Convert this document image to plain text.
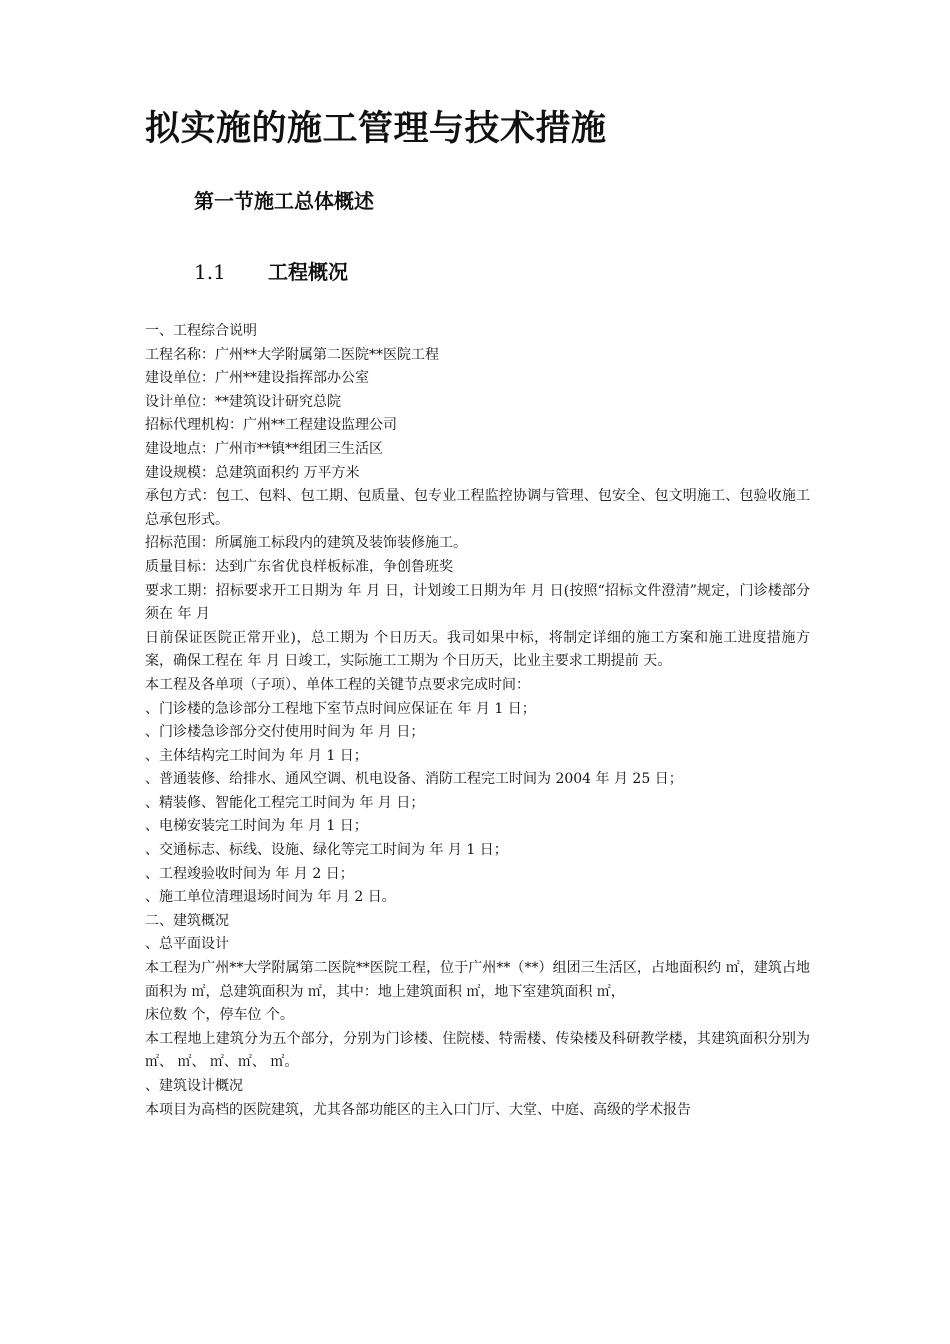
拟实施的施工管理与技术措施
第一节施工总体概述
1.1 工程概况

一、工程综合说明

工程名称：广州**大学附属第二医院**医院工程

建设单位：广州**建设指挥部办公室

设计单位：**建筑设计研究总院

招标代理机构：广州**工程建设监理公司

建设地点：广州市**镇**组团三生活区

建设规模：总建筑面积约 万平方米

承包方式：包工、包料、包工期、包质量、包专业工程监控协调与管理、包安全、包文明施工、包验收施工总承包形式。

招标范围：所属施工标段内的建筑及装饰装修施工。

质量目标：达到广东省优良样板标准，争创鲁班奖

要求工期：招标要求开工日期为 年 月 日，计划竣工日期为年 月 日(按照“招标文件澄清”规定，门诊楼部分须在 年 月

日前保证医院正常开业)，总工期为 个日历天。我司如果中标，将制定详细的施工方案和施工进度措施方案，确保工程在 年 月 日竣工，实际施工工期为 个日历天，比业主要求工期提前 天。

本工程及各单项（子项）、单体工程的关键节点要求完成时间：

、门诊楼的急诊部分工程地下室节点时间应保证在 年 月 1 日；

、门诊楼急诊部分交付使用时间为 年 月 日；

、主体结构完工时间为 年 月 1 日；

、普通装修、给排水、通风空调、机电设备、消防工程完工时间为 2004 年 月 25 日；

、精装修、智能化工程完工时间为 年 月 日；

、电梯安装完工时间为 年 月 1 日；

、交通标志、标线、设施、绿化等完工时间为 年 月 1 日；

、工程竣验收时间为 年 月 2 日；

、施工单位清理退场时间为 年 月 2 日。

二、建筑概况

、总平面设计

本工程为广州**大学附属第二医院**医院工程，位于广州**（**）组团三生活区，占地面积约 ㎡，建筑占地面积为 ㎡，总建筑面积为 ㎡，其中：地上建筑面积 ㎡，地下室建筑面积 ㎡，

床位数 个，停车位 个。

本工程地上建筑分为五个部分，分别为门诊楼、住院楼、特需楼、传染楼及科研教学楼，其建筑面积分别为 ㎡、 ㎡、 ㎡、㎡、 ㎡。

、建筑设计概况

本项目为高档的医院建筑，尤其各部功能区的主入口门厅、大堂、中庭、高级的学术报告
